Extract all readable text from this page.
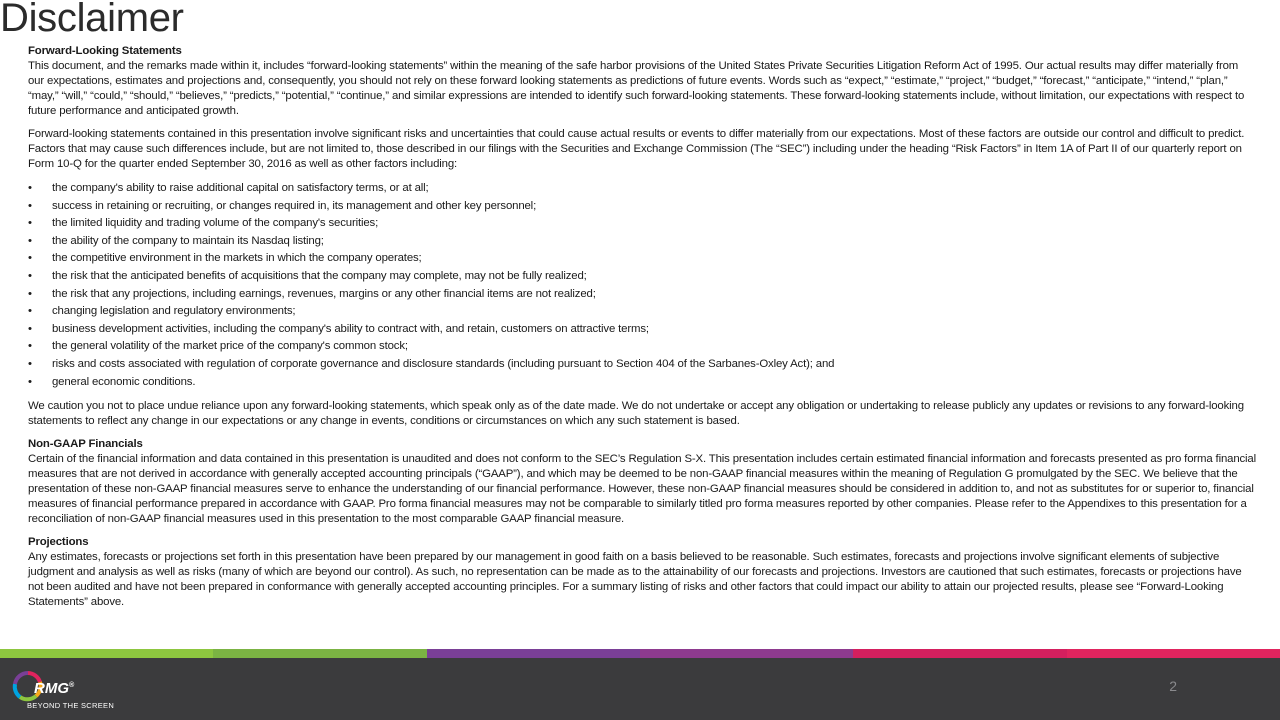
Disclaimer

Forward-Looking Statements

This document, and the remarks made within it, includes “forward-looking statements” within the meaning of the safe harbor provisions of the United States Private Securities Litigation Reform Act of 1995. Our actual results may differ materially from our expectations, estimates and projections and, consequently, you should not rely on these forward looking statements as predictions of future events. Words such as “expect,” “estimate,” “project,” “budget,” “forecast,” “anticipate,” “intend,” “plan,” “may,” “will,” “could,” “should,” “believes,” “predicts,” “potential,” “continue,” and similar expressions are intended to identify such forward-looking statements. These forward-looking statements include, without limitation, our expectations with respect to future performance and anticipated growth.

Forward-looking statements contained in this presentation involve significant risks and uncertainties that could cause actual results or events to differ materially from our expectations. Most of these factors are outside our control and difficult to predict. Factors that may cause such differences include, but are not limited to, those described in our filings with the Securities and Exchange Commission (The “SEC”) including under the heading “Risk Factors” in Item 1A of Part II of our quarterly report on Form 10-Q for the quarter ended September 30, 2016 as well as other factors including:

• the company's ability to raise additional capital on satisfactory terms, or at all;
• success in retaining or recruiting, or changes required in, its management and other key personnel;
• the limited liquidity and trading volume of the company's securities;
• the ability of the company to maintain its Nasdaq listing;
• the competitive environment in the markets in which the company operates;
• the risk that the anticipated benefits of acquisitions that the company may complete, may not be fully realized;
• the risk that any projections, including earnings, revenues, margins or any other financial items are not realized;
• changing legislation and regulatory environments;
• business development activities, including the company's ability to contract with, and retain, customers on attractive terms;
• the general volatility of the market price of the company's common stock;
• risks and costs associated with regulation of corporate governance and disclosure standards (including pursuant to Section 404 of the Sarbanes-Oxley Act); and
• general economic conditions.

We caution you not to place undue reliance upon any forward-looking statements, which speak only as of the date made. We do not undertake or accept any obligation or undertaking to release publicly any updates or revisions to any forward-looking statements to reflect any change in our expectations or any change in events, conditions or circumstances on which any such statement is based.

Non-GAAP Financials

Certain of the financial information and data contained in this presentation is unaudited and does not conform to the SEC’s Regulation S-X. This presentation includes certain estimated financial information and forecasts presented as pro forma financial measures that are not derived in accordance with generally accepted accounting principals (“GAAP”), and which may be deemed to be non-GAAP financial measures within the meaning of Regulation G promulgated by the SEC. We believe that the presentation of these non-GAAP financial measures serve to enhance the understanding of our financial performance. However, these non-GAAP financial measures should be considered in addition to, and not as substitutes for or superior to, financial measures of financial performance prepared in accordance with GAAP. Pro forma financial measures may not be comparable to similarly titled pro forma measures reported by other companies. Please refer to the Appendixes to this presentation for a reconciliation of non-GAAP financial measures used in this presentation to the most comparable GAAP financial measure.

Projections

Any estimates, forecasts or projections set forth in this presentation have been prepared by our management in good faith on a basis believed to be reasonable. Such estimates, forecasts and projections involve significant elements of subjective judgment and analysis as well as risks (many of which are beyond our control). As such, no representation can be made as to the attainability of our forecasts and projections. Investors are cautioned that such estimates, forecasts or projections have not been audited and have not been prepared in conformance with generally accepted accounting principles. For a summary listing of risks and other factors that could impact our ability to attain our projected results, please see “Forward-Looking Statements” above.

RMG®
BEYOND THE SCREEN
2
